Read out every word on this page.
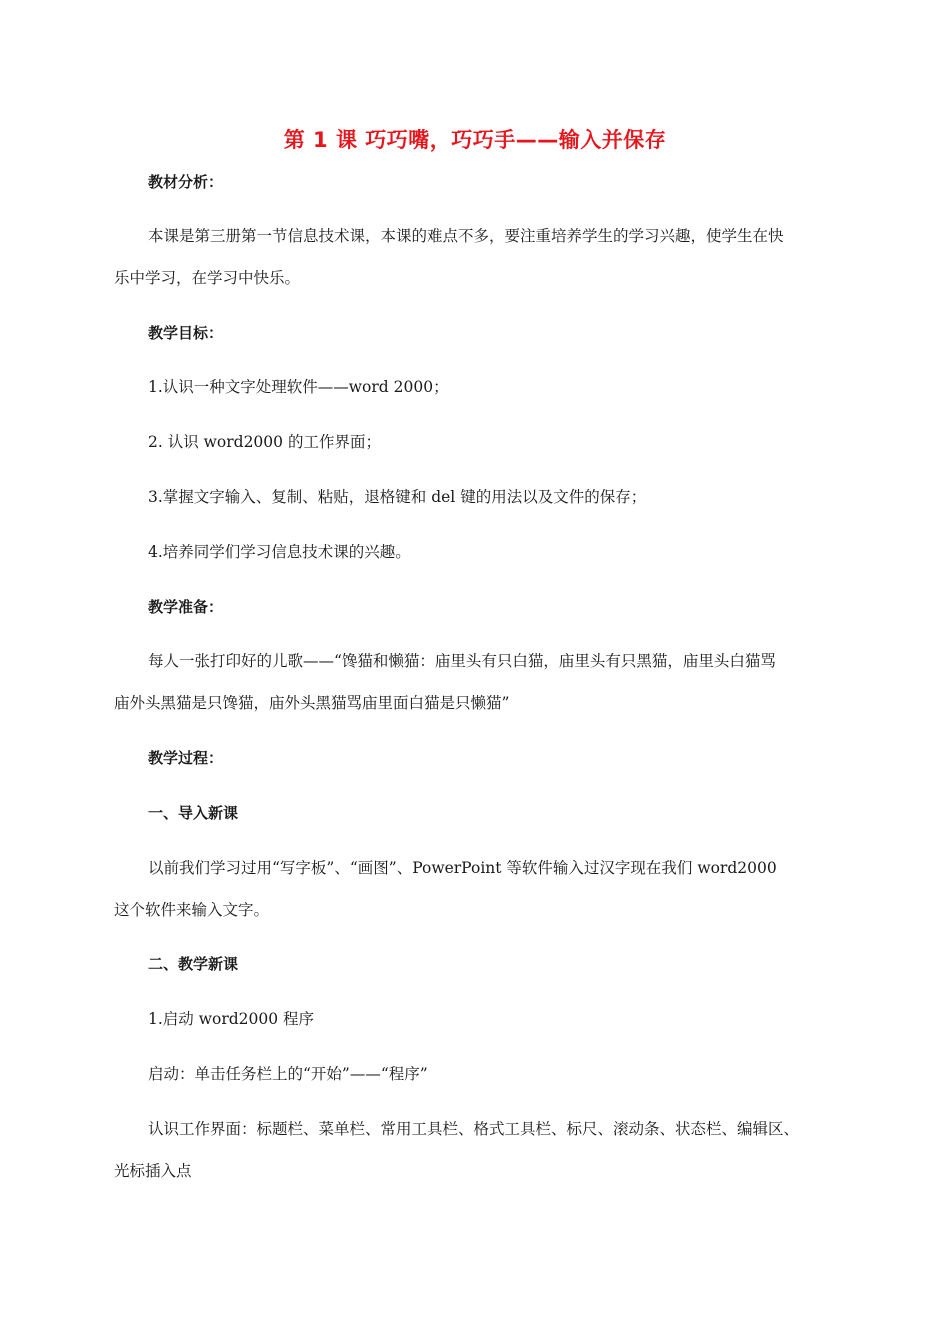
第 1 课 巧巧嘴，巧巧手——输入并保存
教材分析：
本课是第三册第一节信息技术课，本课的难点不多，要注重培养学生的学习兴趣，使学生在快
乐中学习，在学习中快乐。
教学目标：
1.认识一种文字处理软件——word 2000；
2. 认识 word2000 的工作界面；
3.掌握文字输入、复制、粘贴，退格键和 del 键的用法以及文件的保存；
4.培养同学们学习信息技术课的兴趣。
教学准备：
每人一张打印好的儿歌——“馋猫和懒猫：庙里头有只白猫，庙里头有只黑猫，庙里头白猫骂
庙外头黑猫是只馋猫，庙外头黑猫骂庙里面白猫是只懒猫”
教学过程：
一、导入新课
以前我们学习过用“写字板”、“画图”、PowerPoint 等软件输入过汉字现在我们 word2000
这个软件来输入文字。
二、教学新课
1.启动 word2000 程序
启动：单击任务栏上的“开始”——“程序”
认识工作界面：标题栏、菜单栏、常用工具栏、格式工具栏、标尺、滚动条、状态栏、编辑区、
光标插入点
